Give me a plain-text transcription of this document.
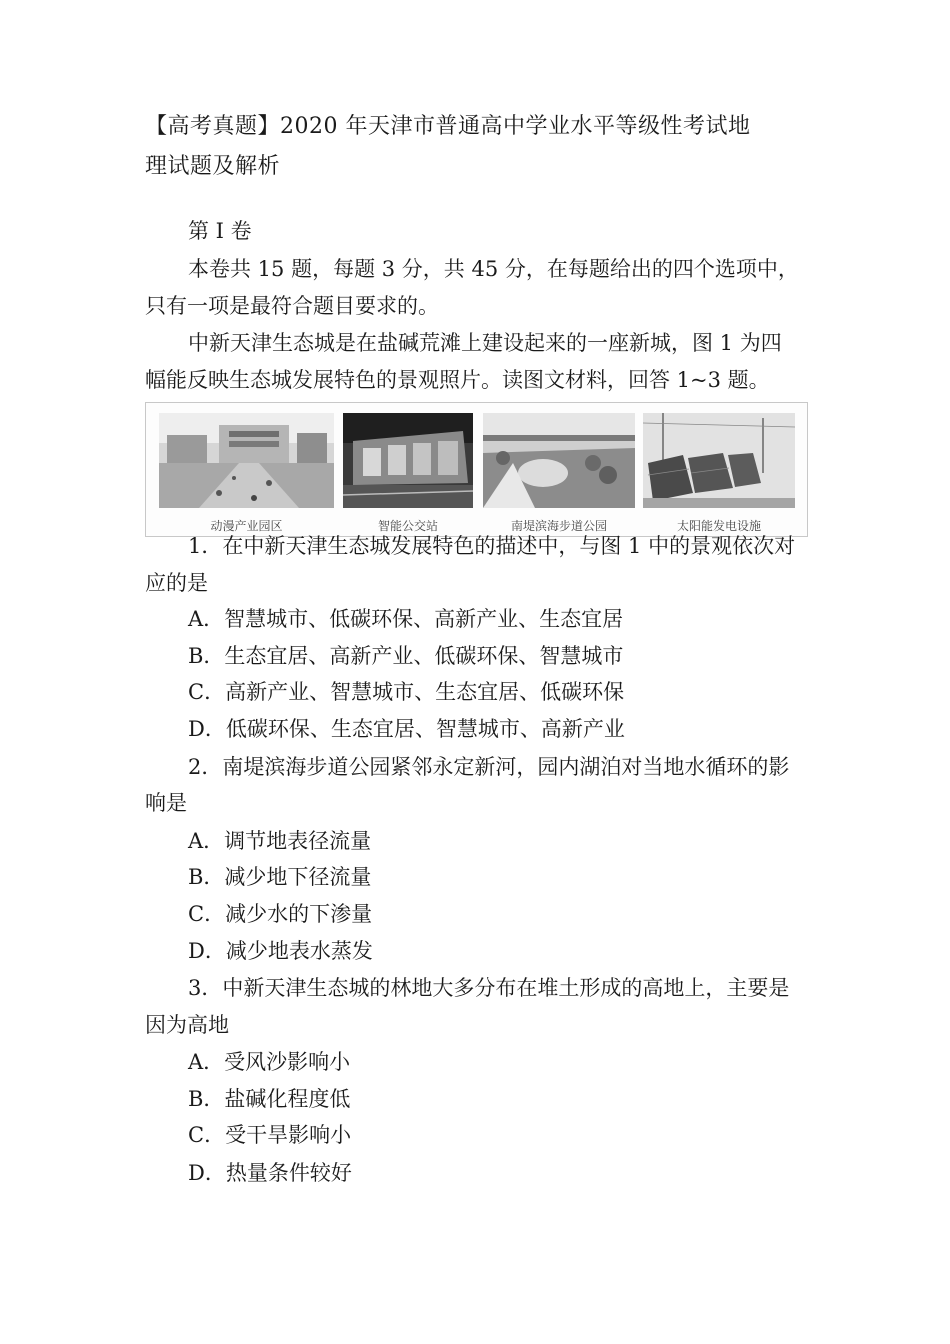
【高考真题】2020 年天津市普通高中学业水平等级性考试地
理试题及解析
第 I 卷
本卷共 15 题，每题 3 分，共 45 分，在每题给出的四个选项中，
只有一项是最符合题目要求的。
中新天津生态城是在盐碱荒滩上建设起来的一座新城，图 1 为四
幅能反映生态城发展特色的景观照片。读图文材料，回答 1~3 题。
动漫产业园区	智能公交站	南堤滨海步道公园	太阳能发电设施
1．在中新天津生态城发展特色的描述中，与图 1 中的景观依次对
应的是
A．智慧城市、低碳环保、高新产业、生态宜居
B．生态宜居、高新产业、低碳环保、智慧城市
C．高新产业、智慧城市、生态宜居、低碳环保
D．低碳环保、生态宜居、智慧城市、高新产业
2．南堤滨海步道公园紧邻永定新河，园内湖泊对当地水循环的影
响是
A．调节地表径流量
B．减少地下径流量
C．减少水的下渗量
D．减少地表水蒸发
3．中新天津生态城的林地大多分布在堆土形成的高地上，主要是
因为高地
A．受风沙影响小
B．盐碱化程度低
C．受干旱影响小
D．热量条件较好
